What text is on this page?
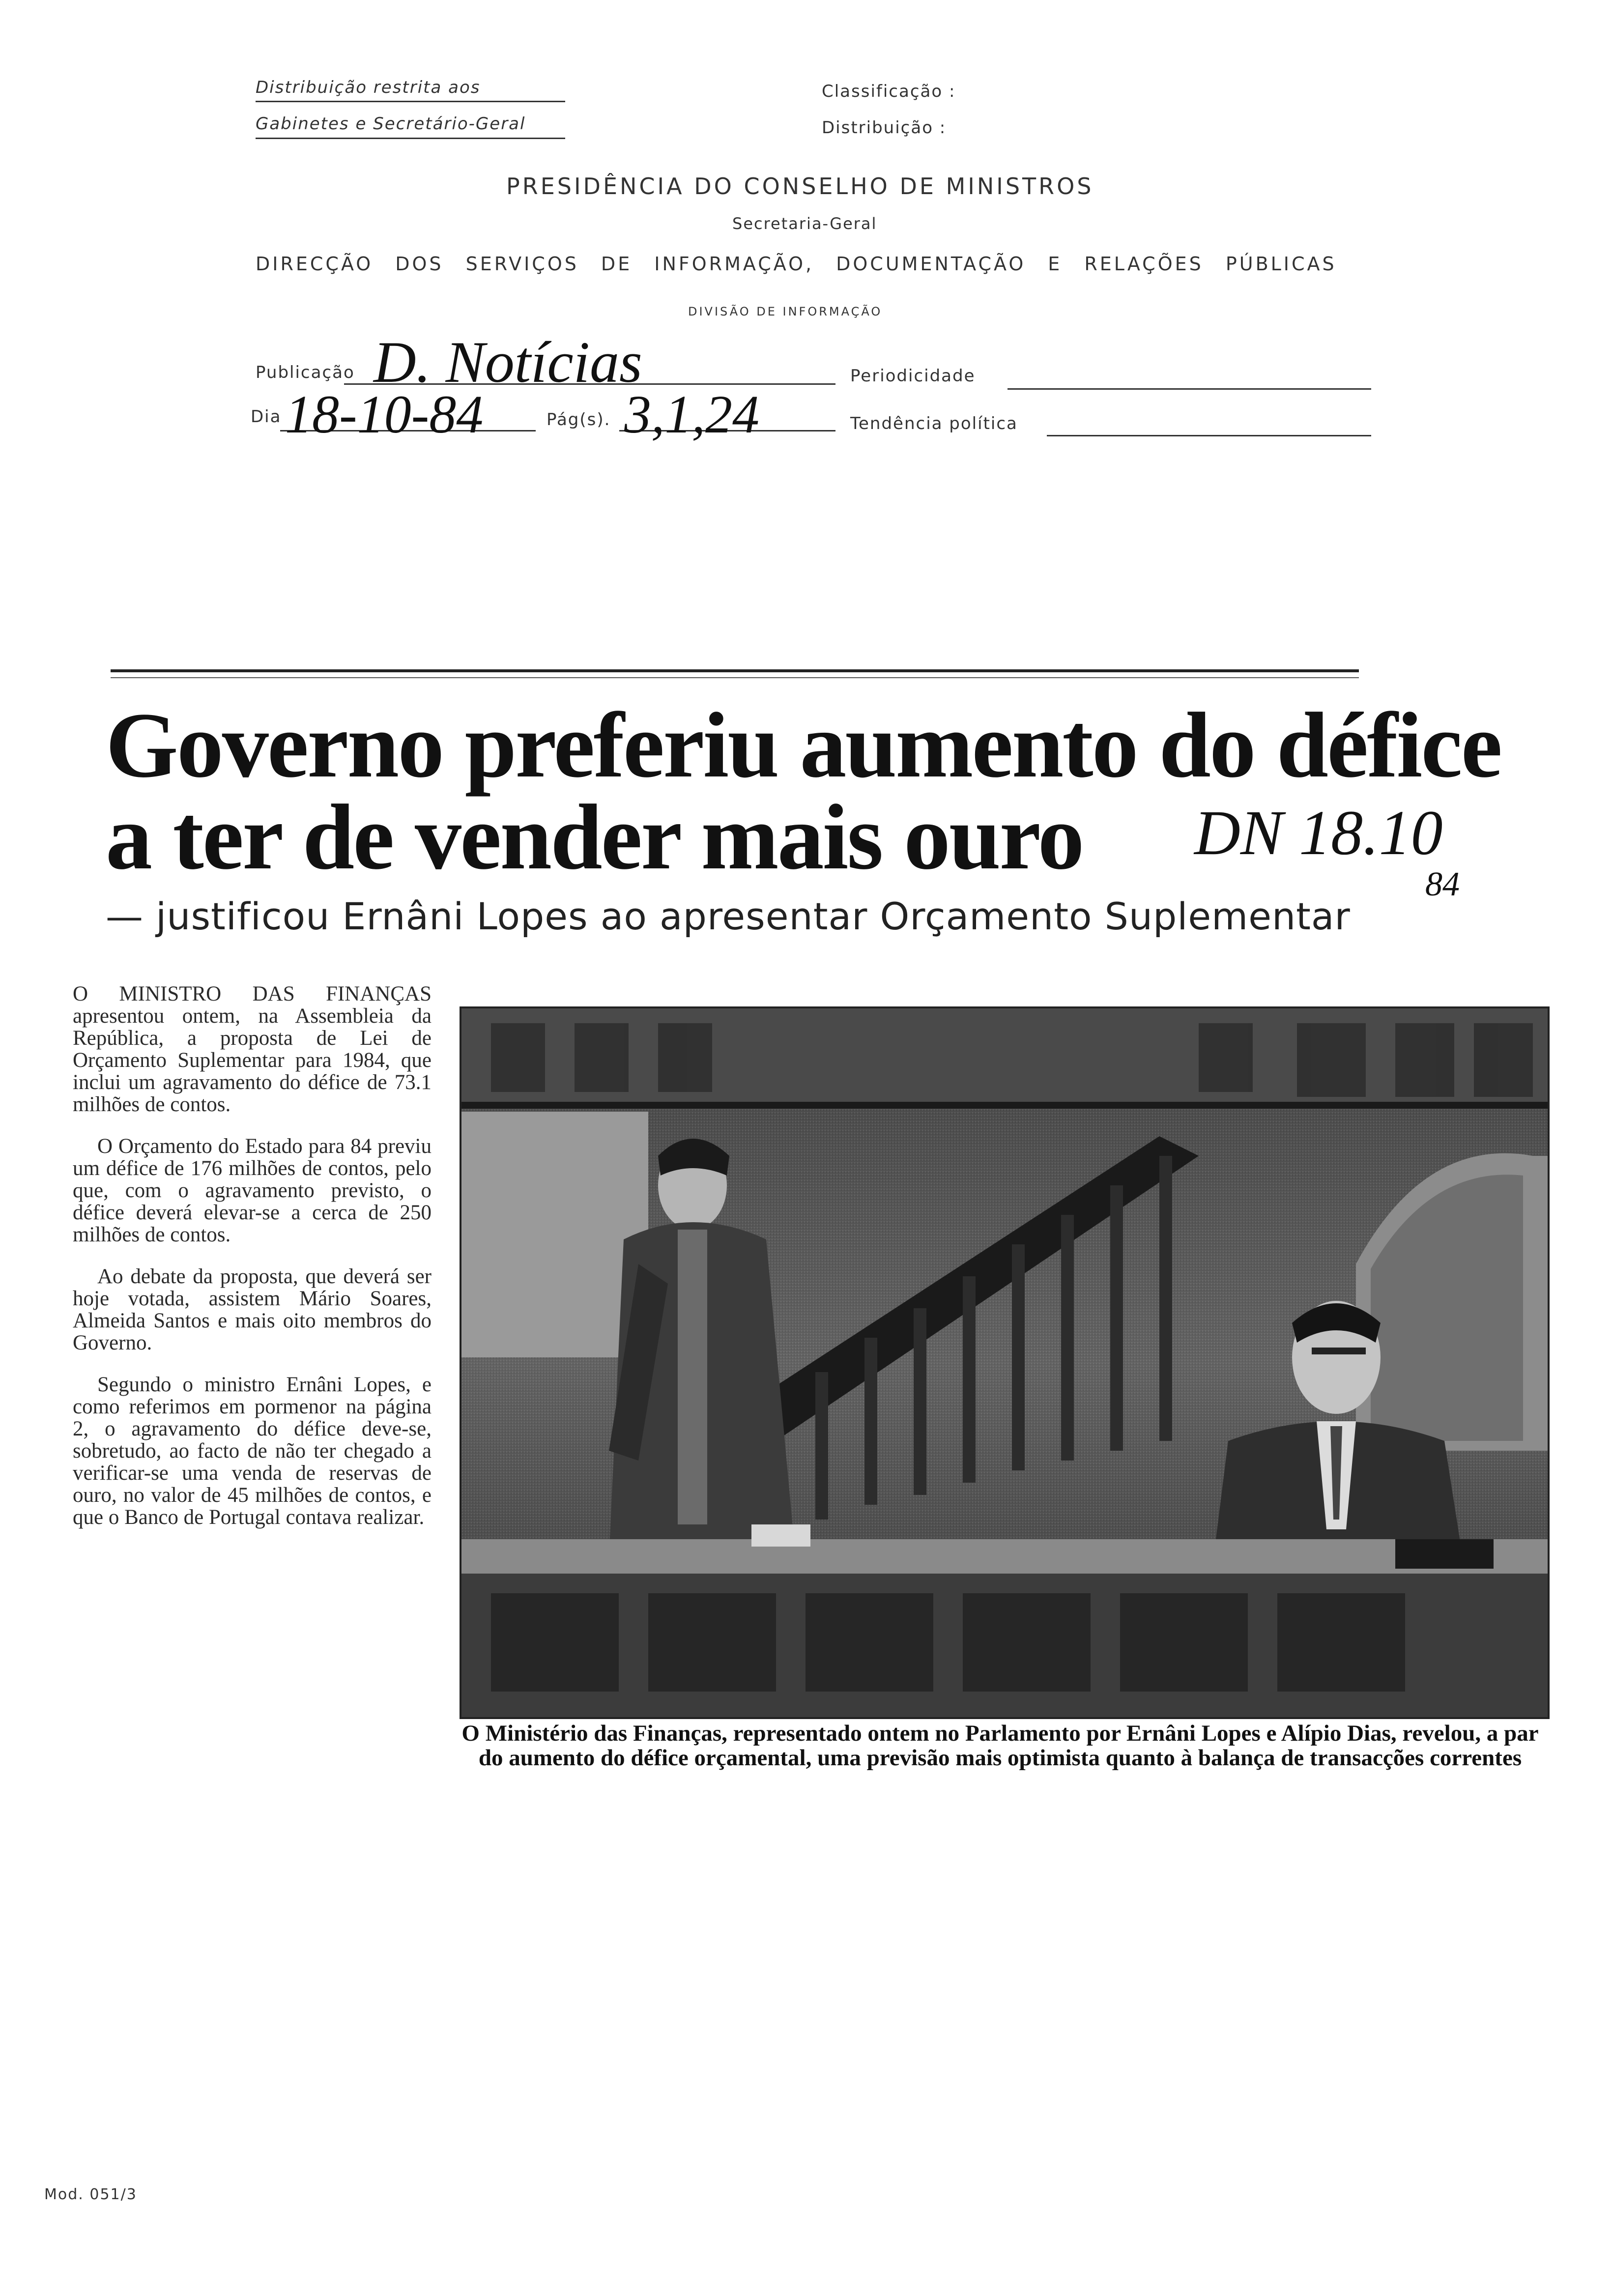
Distribuição restrita aos
Gabinetes e Secretário-Geral
Classificação :
Distribuição :
PRESIDÊNCIA DO CONSELHO DE MINISTROS
Secretaria-Geral
DIRECÇÃO DOS SERVIÇOS DE INFORMAÇÃO, DOCUMENTAÇÃO E RELAÇÕES PÚBLICAS
DIVISÃO DE INFORMAÇÃO
Publicação D. Notícias	Periodicidade
Dia 18-10-84	Pág(s). 3,1,24	Tendência política
Governo preferiu aumento do défice
a ter de vender mais ouro DN 18.10
84
— justificou Ernâni Lopes ao apresentar Orçamento Suplementar

O MINISTRO DAS FINANÇAS apresentou ontem, na Assembleia da República, a proposta de Lei de Orçamento Suplementar para 1984, que inclui um agravamento do défice de 73.1 milhões de contos.

O Orçamento do Estado para 84 previu um défice de 176 milhões de contos, pelo que, com o agravamento previsto, o défice deverá elevar-se a cerca de 250 milhões de contos.

Ao debate da proposta, que deverá ser hoje votada, assistem Mário Soares, Almeida Santos e mais oito membros do Governo.

Segundo o ministro Ernâni Lopes, e como referimos em pormenor na página 2, o agravamento do défice deve-se, sobretudo, ao facto de não ter chegado a verificar-se uma venda de reservas de ouro, no valor de 45 milhões de contos, e que o Banco de Portugal contava realizar.

O Ministério das Finanças, representado ontem no Parlamento por Ernâni Lopes e Alípio Dias, revelou, a par do aumento do défice orçamental, uma previsão mais optimista quanto à balança de transacções correntes
Mod. 051/3
